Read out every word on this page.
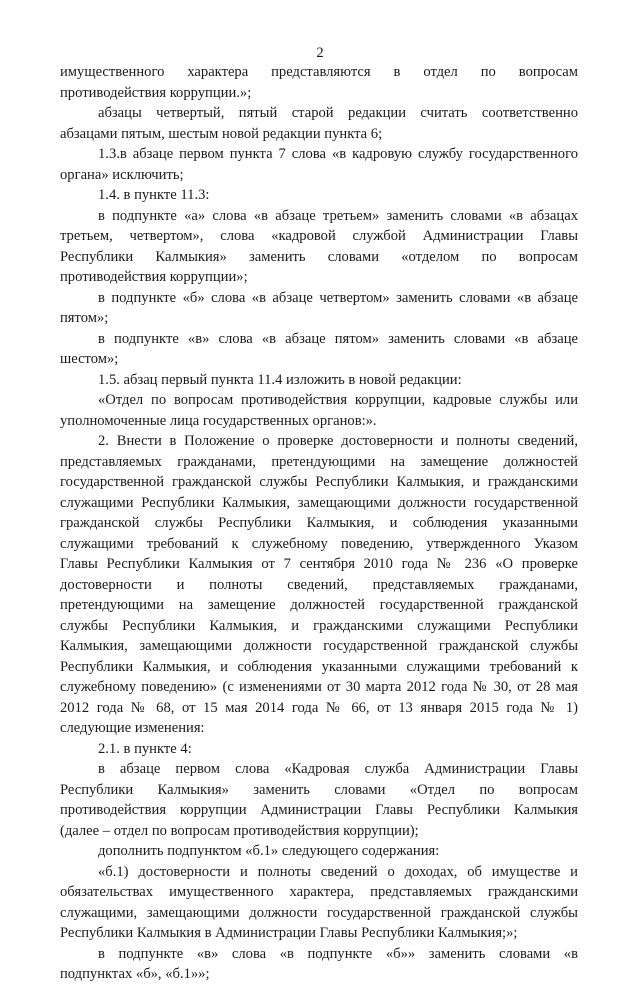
2
имущественного характера представляются в отдел по вопросам
противодействия коррупции.»;
абзацы четвертый, пятый старой редакции считать соответственно
абзацами пятым, шестым новой редакции пункта 6;
1.3.в абзаце первом пункта 7 слова «в кадровую службу государственного
органа» исключить;
1.4. в пункте 11.3:
в подпункте «а» слова «в абзаце третьем» заменить словами «в абзацах
третьем, четвертом», слова «кадровой службой Администрации Главы
Республики Калмыкия» заменить словами «отделом по вопросам
противодействия коррупции»;
в подпункте «б» слова «в абзаце четвертом» заменить словами «в абзаце
пятом»;
в подпункте «в» слова «в абзаце пятом» заменить словами «в абзаце
шестом»;
1.5. абзац первый пункта 11.4 изложить в новой редакции:
«Отдел по вопросам противодействия коррупции, кадровые службы или
уполномоченные лица государственных органов:».
2. Внести в Положение о проверке достоверности и полноты сведений,
представляемых гражданами, претендующими на замещение должностей
государственной гражданской службы Республики Калмыкия, и гражданскими
служащими Республики Калмыкия, замещающими должности государственной
гражданской службы Республики Калмыкия, и соблюдения указанными
служащими требований к служебному поведению, утвержденного Указом
Главы Республики Калмыкия от 7 сентября 2010 года № 236 «О проверке
достоверности и полноты сведений, представляемых гражданами,
претендующими на замещение должностей государственной гражданской
службы Республики Калмыкия, и гражданскими служащими Республики
Калмыкия, замещающими должности государственной гражданской службы
Республики Калмыкия, и соблюдения указанными служащими требований к
служебному поведению» (с изменениями от 30 марта 2012 года № 30, от 28 мая
2012 года № 68, от 15 мая 2014 года № 66, от 13 января 2015 года № 1)
следующие изменения:
2.1. в пункте 4:
в абзаце первом слова «Кадровая служба Администрации Главы
Республики Калмыкия» заменить словами «Отдел по вопросам
противодействия коррупции Администрации Главы Республики Калмыкия
(далее – отдел по вопросам противодействия коррупции);
дополнить подпунктом «б.1» следующего содержания:
«б.1) достоверности и полноты сведений о доходах, об имуществе и
обязательствах имущественного характера, представляемых гражданскими
служащими, замещающими должности государственной гражданской службы
Республики Калмыкия в Администрации Главы Республики Калмыкия;»;
в подпункте «в» слова «в подпункте «б»» заменить словами «в
подпунктах «б», «б.1»»;
